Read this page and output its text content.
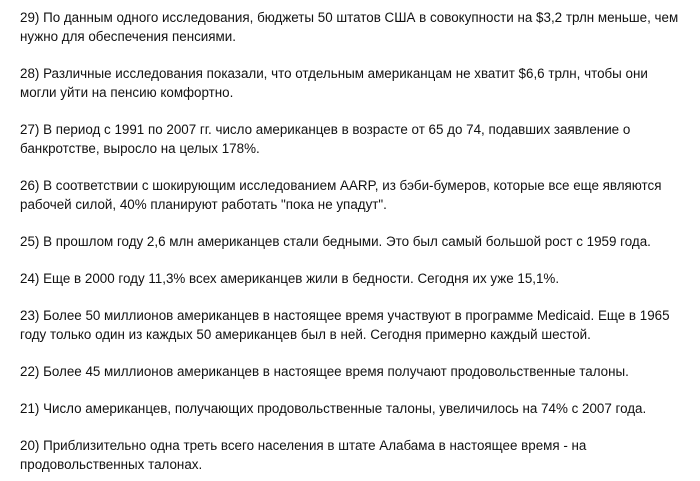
29) По данным одного исследования, бюджеты 50 штатов США в совокупности на $3,2 трлн меньше, чем нужно для обеспечения пенсиями.

28) Различные исследования показали, что отдельным американцам не хватит $6,6 трлн, чтобы они могли уйти на пенсию комфортно.

27) В период с 1991 по 2007 гг. число американцев в возрасте от 65 до 74, подавших заявление о банкротстве, выросло на целых 178%.

26) В соответствии с шокирующим исследованием AARP, из бэби-бумеров, которые все еще являются рабочей силой, 40% планируют работать "пока не упадут".

25) В прошлом году 2,6 млн американцев стали бедными. Это был самый большой рост с 1959 года.

24) Еще в 2000 году 11,3% всех американцев жили в бедности. Сегодня их уже 15,1%.

23) Более 50 миллионов американцев в настоящее время участвуют в программе Medicaid. Еще в 1965 году только один из каждых 50 американцев был в ней. Сегодня примерно каждый шестой.

22) Более 45 миллионов американцев в настоящее время получают продовольственные талоны.

21) Число американцев, получающих продовольственные талоны, увеличилось на 74% с 2007 года.

20) Приблизительно одна треть всего населения в штате Алабама в настоящее время - на продовольственных талонах.
